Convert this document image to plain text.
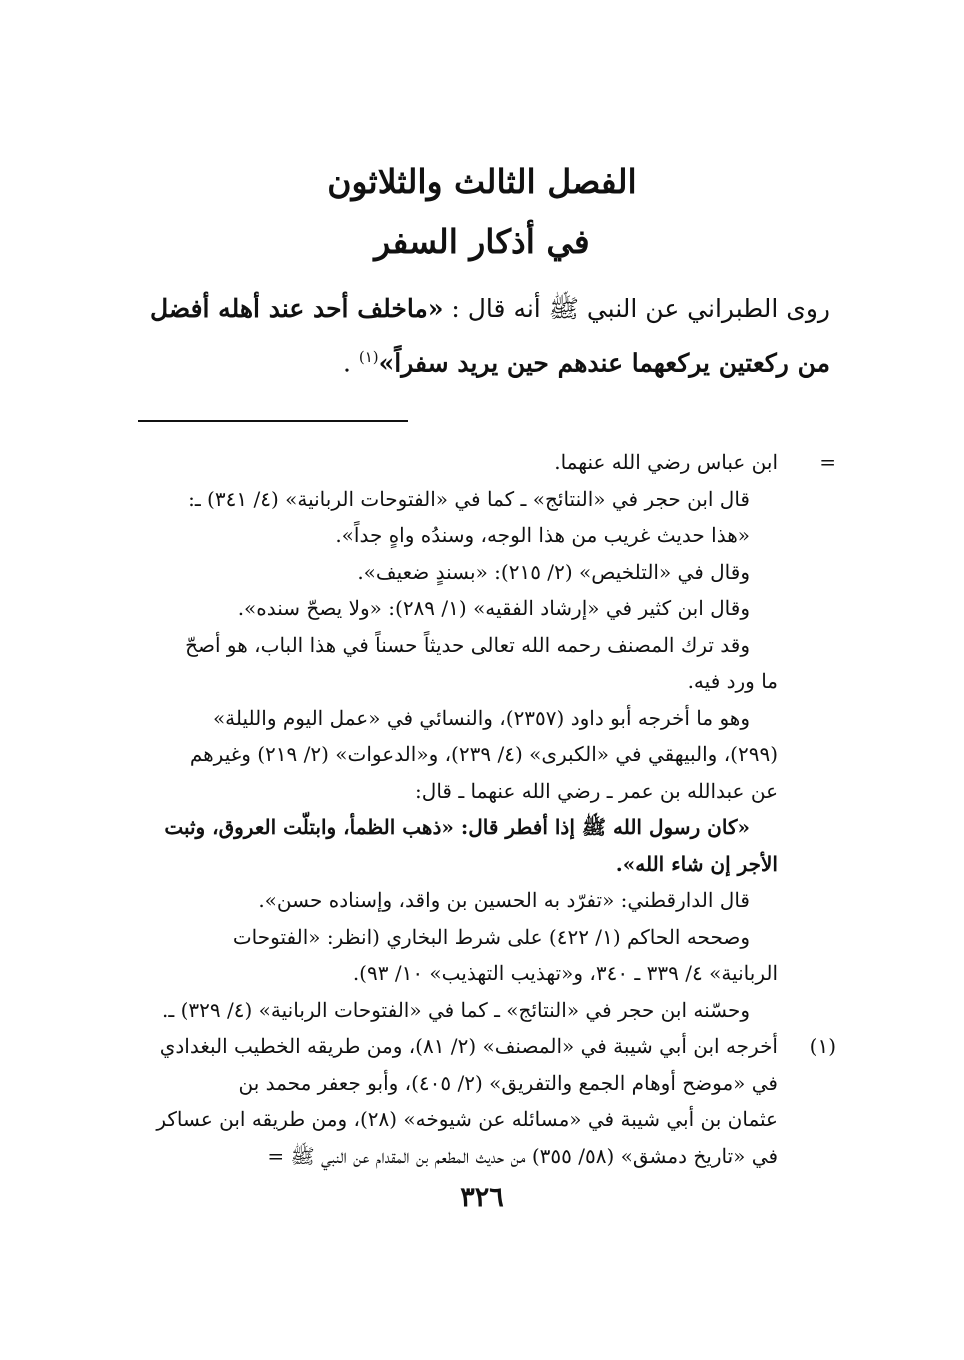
الفصل الثالث والثلاثون
في أذكار السفر
روى الطبراني عن النبي ﷺ أنه قال : «ماخلف أحد عند أهله أفضل
من ركعتين يركعهما عندهم حين يريد سفراً»$^{(١)}$ .
=
ابن عباس رضي الله عنهما.
قال ابن حجر في «النتائج» ـ كما في «الفتوحات الربانية» (٤/ ٣٤١) ـ:
«هذا حديث غريب من هذا الوجه، وسندُه واهٍ جداً».
وقال في «التلخيص» (٢/ ٢١٥): «بسندٍ ضعيف».
وقال ابن كثير في «إرشاد الفقيه» (١/ ٢٨٩): «ولا يصحّ سنده».
وقد ترك المصنف رحمه الله تعالى حديثاً حسناً في هذا الباب، هو أصحّ
ما ورد فيه.
وهو ما أخرجه أبو داود (٢٣٥٧)، والنسائي في «عمل اليوم والليلة»
(٢٩٩)، والبيهقي في «الكبرى» (٤/ ٢٣٩)، و«الدعوات» (٢/ ٢١٩) وغيرهم
عن عبدالله بن عمر ـ رضي الله عنهما ـ قال:
«كان رسول الله ﷺ إذا أفطر قال: «ذهب الظمأ، وابتلّت العروق، وثبت
الأجر إن شاء الله».
قال الدارقطني: «تفرّد به الحسين بن واقد، وإسناده حسن».
وصححه الحاكم (١/ ٤٢٢) على شرط البخاري (انظر: «الفتوحات
الربانية» ٤/ ٣٣٩ ـ ٣٤٠، و«تهذيب التهذيب» ١٠/ ٩٣).
وحسّنه ابن حجر في «النتائج» ـ كما في «الفتوحات الربانية» (٤/ ٣٢٩) ـ.
(١)
أخرجه ابن أبي شيبة في «المصنف» (٢/ ٨١)، ومن طريقه الخطيب البغدادي
في «موضح أوهام الجمع والتفريق» (٢/ ٤٠٥)، وأبو جعفر محمد بن
عثمان بن أبي شيبة في «مسائله عن شيوخه» (٢٨)، ومن طريقه ابن عساكر
في «تاريخ دمشق» (٥٨/ ٣٥٥) من حديث المطعم بن المقدام عن النبي ﷺ =
٣٢٦
